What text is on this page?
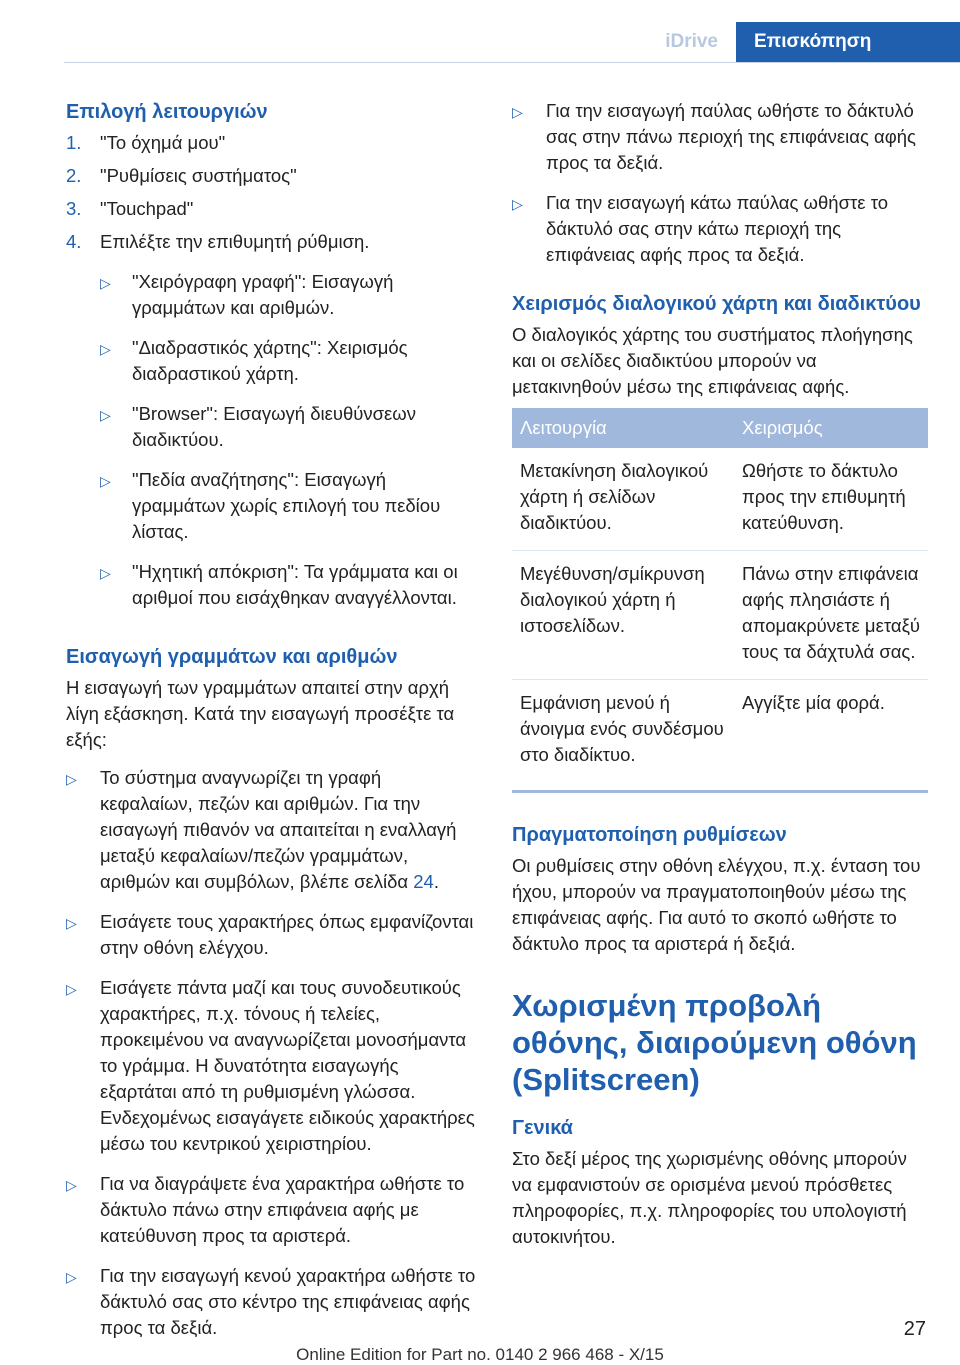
iDrive	Επισκόπηση
Επιλογή λειτουργιών
1. "Το όχημά μου"
2. "Ρυθμίσεις συστήματος"
3. "Touchpad"
4. Επιλέξτε την επιθυμητή ρύθμιση.
▷ "Χειρόγραφη γραφή": Εισαγωγή γραμμάτων και αριθμών.
▷ "Διαδραστικός χάρτης": Χειρισμός διαδραστικού χάρτη.
▷ "Browser": Εισαγωγή διευθύνσεων διαδικτύου.
▷ "Πεδία αναζήτησης": Εισαγωγή γραμμάτων χωρίς επιλογή του πεδίου λίστας.
▷ "Ηχητική απόκριση": Τα γράμματα και οι αριθμοί που εισάχθηκαν αναγγέλλονται.
Εισαγωγή γραμμάτων και αριθμών
Η εισαγωγή των γραμμάτων απαιτεί στην αρχή λίγη εξάσκηση. Κατά την εισαγωγή προσέξτε τα εξής:
▷ Το σύστημα αναγνωρίζει τη γραφή κεφαλαίων, πεζών και αριθμών. Για την εισαγωγή πιθανόν να απαιτείται η εναλλαγή μεταξύ κεφαλαίων/πεζών γραμμάτων, αριθμών και συμβόλων, βλέπε σελίδα 24.
▷ Εισάγετε τους χαρακτήρες όπως εμφανίζονται στην οθόνη ελέγχου.
▷ Εισάγετε πάντα μαζί και τους συνοδευτικούς χαρακτήρες, π.χ. τόνους ή τελείες, προκειμένου να αναγνωρίζεται μονοσήμαντα το γράμμα. Η δυνατότητα εισαγωγής εξαρτάται από τη ρυθμισμένη γλώσσα. Ενδεχομένως εισαγάγετε ειδικούς χαρακτήρες μέσω του κεντρικού χειριστηρίου.
▷ Για να διαγράψετε ένα χαρακτήρα ωθήστε το δάκτυλο πάνω στην επιφάνεια αφής με κατεύθυνση προς τα αριστερά.
▷ Για την εισαγωγή κενού χαρακτήρα ωθήστε το δάκτυλό σας στο κέντρο της επιφάνειας αφής προς τα δεξιά.
▷ Για την εισαγωγή παύλας ωθήστε το δάκτυλό σας στην πάνω περιοχή της επιφάνειας αφής προς τα δεξιά.
▷ Για την εισαγωγή κάτω παύλας ωθήστε το δάκτυλό σας στην κάτω περιοχή της επιφάνειας αφής προς τα δεξιά.
Χειρισμός διαλογικού χάρτη και διαδικτύου
Ο διαλογικός χάρτης του συστήματος πλοήγησης και οι σελίδες διαδικτύου μπορούν να μετακινηθούν μέσω της επιφάνειας αφής.
Λειτουργία	Χειρισμός
Μετακίνηση διαλογικού χάρτη ή σελίδων διαδικτύου.	Ωθήστε το δάκτυλο προς την επιθυμητή κατεύθυνση.
Μεγέθυνση/σμίκρυνση διαλογικού χάρτη ή ιστοσελίδων.	Πάνω στην επιφάνεια αφής πλησιάστε ή απομακρύνετε μεταξύ τους τα δάχτυλά σας.
Εμφάνιση μενού ή άνοιγμα ενός συνδέσμου στο διαδίκτυο.	Αγγίξτε μία φορά.
Πραγματοποίηση ρυθμίσεων
Οι ρυθμίσεις στην οθόνη ελέγχου, π.χ. ένταση του ήχου, μπορούν να πραγματοποιηθούν μέσω της επιφάνειας αφής. Για αυτό το σκοπό ωθήστε το δάκτυλο προς τα αριστερά ή δεξιά.
Χωρισμένη προβολή οθόνης, διαιρούμενη οθόνη (Splitscreen)
Γενικά
Στο δεξί μέρος της χωρισμένης οθόνης μπορούν να εμφανιστούν σε ορισμένα μενού πρόσθετες πληροφορίες, π.χ. πληροφορίες του υπολογιστή αυτοκινήτου.
27
Online Edition for Part no. 0140 2 966 468 - X/15
